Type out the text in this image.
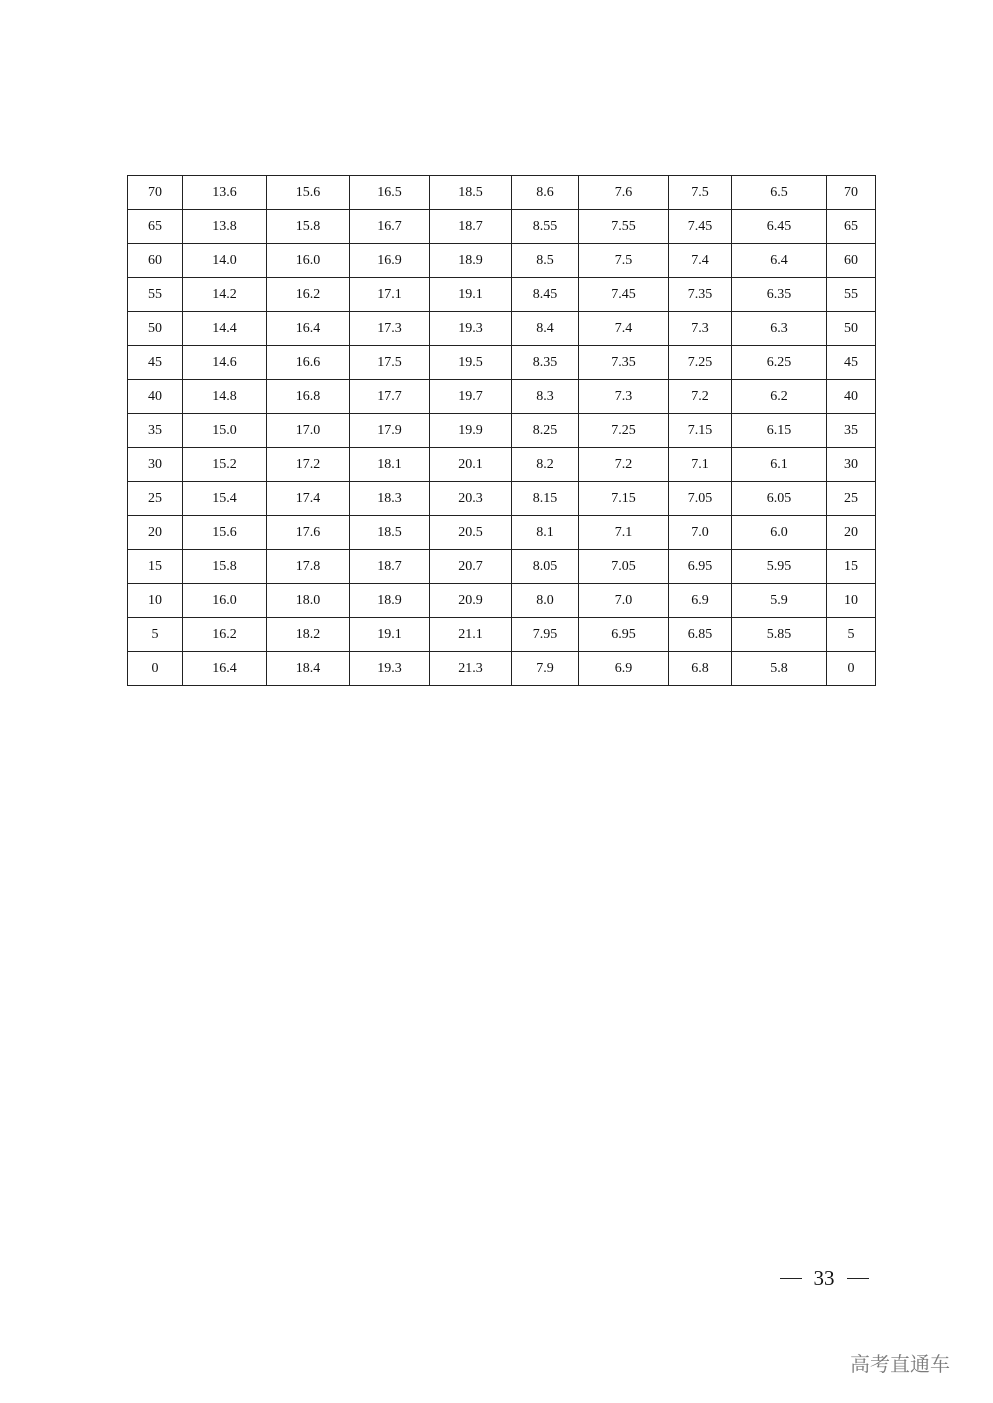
70	13.6	15.6	16.5	18.5	8.6	7.6	7.5	6.5	70
65	13.8	15.8	16.7	18.7	8.55	7.55	7.45	6.45	65
60	14.0	16.0	16.9	18.9	8.5	7.5	7.4	6.4	60
55	14.2	16.2	17.1	19.1	8.45	7.45	7.35	6.35	55
50	14.4	16.4	17.3	19.3	8.4	7.4	7.3	6.3	50
45	14.6	16.6	17.5	19.5	8.35	7.35	7.25	6.25	45
40	14.8	16.8	17.7	19.7	8.3	7.3	7.2	6.2	40
35	15.0	17.0	17.9	19.9	8.25	7.25	7.15	6.15	35
30	15.2	17.2	18.1	20.1	8.2	7.2	7.1	6.1	30
25	15.4	17.4	18.3	20.3	8.15	7.15	7.05	6.05	25
20	15.6	17.6	18.5	20.5	8.1	7.1	7.0	6.0	20
15	15.8	17.8	18.7	20.7	8.05	7.05	6.95	5.95	15
10	16.0	18.0	18.9	20.9	8.0	7.0	6.9	5.9	10
5	16.2	18.2	19.1	21.1	7.95	6.95	6.85	5.85	5
0	16.4	18.4	19.3	21.3	7.9	6.9	6.8	5.8	0
33
高考直通车
